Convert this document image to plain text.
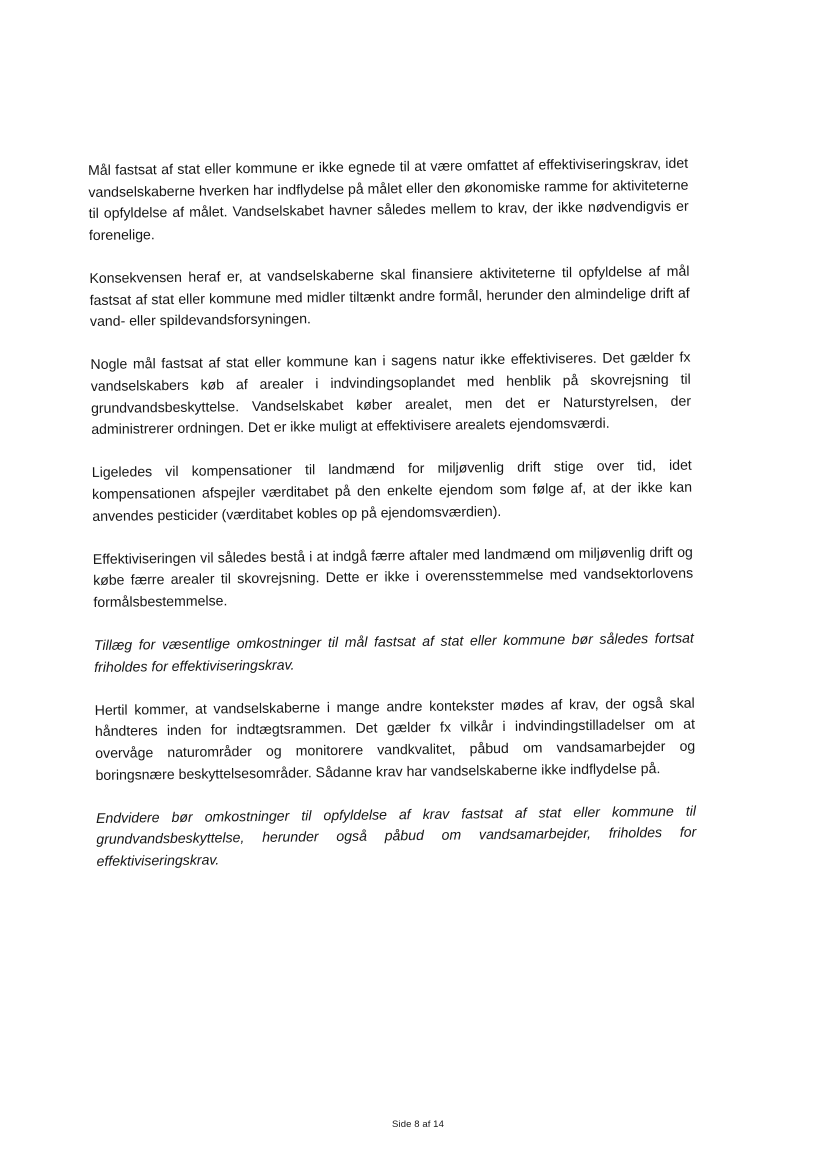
Mål fastsat af stat eller kommune er ikke egnede til at være omfattet af effektiviseringskrav, idet vandselskaberne hverken har indflydelse på målet eller den økonomiske ramme for aktiviteterne til opfyldelse af målet. Vandselskabet havner således mellem to krav, der ikke nødvendigvis er forenelige.

Konsekvensen heraf er, at vandselskaberne skal finansiere aktiviteterne til opfyldelse af mål fastsat af stat eller kommune med midler tiltænkt andre formål, herunder den almindelige drift af vand- eller spildevandsforsyningen.

Nogle mål fastsat af stat eller kommune kan i sagens natur ikke effektiviseres. Det gælder fx vandselskabers køb af arealer i indvindingsoplandet med henblik på skovrejsning til grundvandsbeskyttelse. Vandselskabet køber arealet, men det er Naturstyrelsen, der administrerer ordningen. Det er ikke muligt at effektivisere arealets ejendomsværdi.

Ligeledes vil kompensationer til landmænd for miljøvenlig drift stige over tid, idet kompensationen afspejler værditabet på den enkelte ejendom som følge af, at der ikke kan anvendes pesticider (værditabet kobles op på ejendomsværdien).

Effektiviseringen vil således bestå i at indgå færre aftaler med landmænd om miljøvenlig drift og købe færre arealer til skovrejsning. Dette er ikke i overensstemmelse med vandsektorlovens formålsbestemmelse.

Tillæg for væsentlige omkostninger til mål fastsat af stat eller kommune bør således fortsat friholdes for effektiviseringskrav.

Hertil kommer, at vandselskaberne i mange andre kontekster mødes af krav, der også skal håndteres inden for indtægtsrammen. Det gælder fx vilkår i indvindingstilladelser om at overvåge naturområder og monitorere vandkvalitet, påbud om vandsamarbejder og boringsnære beskyttelsesområder. Sådanne krav har vandselskaberne ikke indflydelse på.

Endvidere bør omkostninger til opfyldelse af krav fastsat af stat eller kommune til grundvandsbeskyttelse, herunder også påbud om vandsamarbejder, friholdes for effektiviseringskrav.

Side 8 af 14
